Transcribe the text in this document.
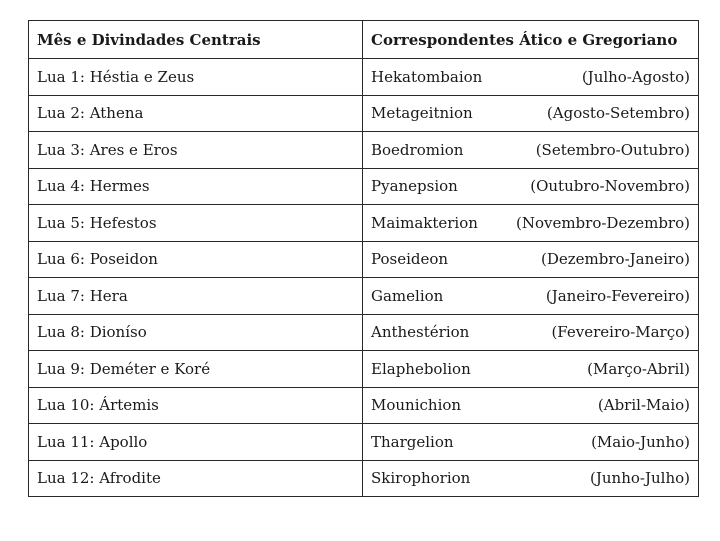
Mês e Divindades Centrais	Correspondentes Ático e Gregoriano
Lua 1: Héstia e Zeus	Hekatombaion (Julho-Agosto)

Lua 2: Athena	Metageitnion (Agosto-Setembro)

Lua 3: Ares e Eros	Boedromion (Setembro-Outubro)

Lua 4: Hermes	Pyanepsion (Outubro-Novembro)

Lua 5: Hefestos	Maimakterion (Novembro-Dezembro)

Lua 6: Poseidon	Poseideon (Dezembro-Janeiro)

Lua 7: Hera	Gamelion (Janeiro-Fevereiro)

Lua 8: Dioníso	Anthestérion (Fevereiro-Março)

Lua 9: Deméter e Koré	Elaphebolion (Março-Abril)

Lua 10: Ártemis	Mounichion (Abril-Maio)

Lua 11: Apollo	Thargelion (Maio-Junho)

Lua 12: Afrodite	Skirophorion (Junho-Julho)
